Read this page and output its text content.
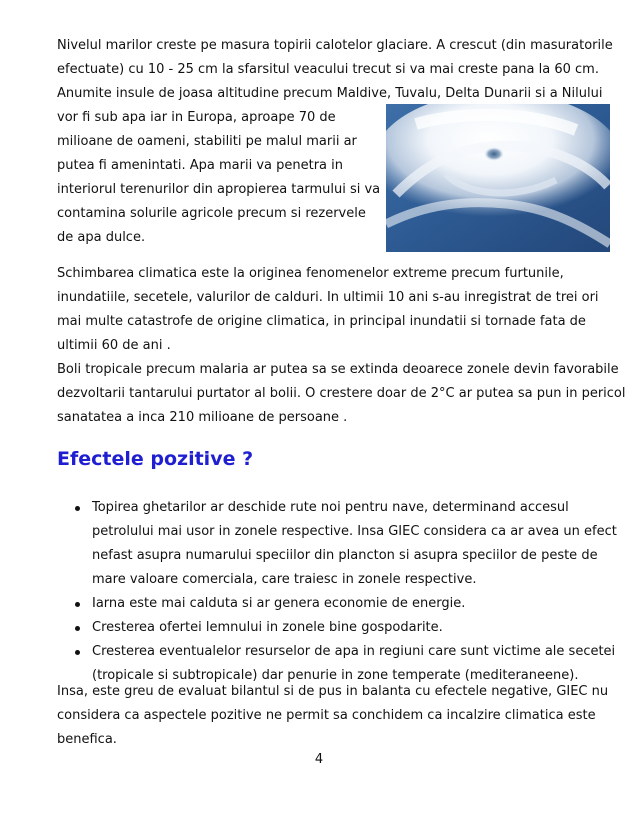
Nivelul marilor creste pe masura topirii calotelor glaciare. A crescut (din masuratorile
efectuate) cu 10 - 25 cm la sfarsitul veacului trecut si va mai creste pana la 60 cm.
Anumite insule de joasa altitudine precum Maldive, Tuvalu, Delta Dunarii si a Nilului
vor fi sub apa iar in Europa, aproape 70 de
milioane de oameni, stabiliti pe malul marii ar
putea fi amenintati. Apa marii va penetra in
interiorul terenurilor din apropierea tarmului si va
contamina solurile agricole precum si rezervele
de apa dulce.
Schimbarea climatica este la originea fenomenelor extreme precum furtunile,
inundatiile, secetele, valurilor de calduri. In ultimii 10 ani s-au inregistrat de trei ori
mai multe catastrofe de origine climatica, in principal inundatii si tornade fata de
ultimii 60 de ani .
Boli tropicale precum malaria ar putea sa se extinda deoarece zonele devin favorabile
dezvoltarii tantarului purtator al bolii. O crestere doar de 2°C ar putea sa pun in pericol
sanatatea a inca 210 milioane de persoane .
Efectele pozitive ?
Topirea ghetarilor ar deschide rute noi pentru nave, determinand accesul
petrolului mai usor in zonele respective. Insa GIEC considera ca ar avea un efect
nefast asupra numarului speciilor din plancton si asupra speciilor de peste de
mare valoare comerciala, care traiesc in zonele respective.
Iarna este mai calduta si ar genera economie de energie.
Cresterea ofertei lemnului in zonele bine gospodarite.
Cresterea eventualelor resurselor de apa in regiuni care sunt victime ale secetei
(tropicale si subtropicale) dar penurie in zone temperate (mediteraneene).
Insa, este greu de evaluat bilantul si de pus in balanta cu efectele negative, GIEC nu
considera ca aspectele pozitive ne permit sa conchidem ca incalzire climatica este
benefica.
4
